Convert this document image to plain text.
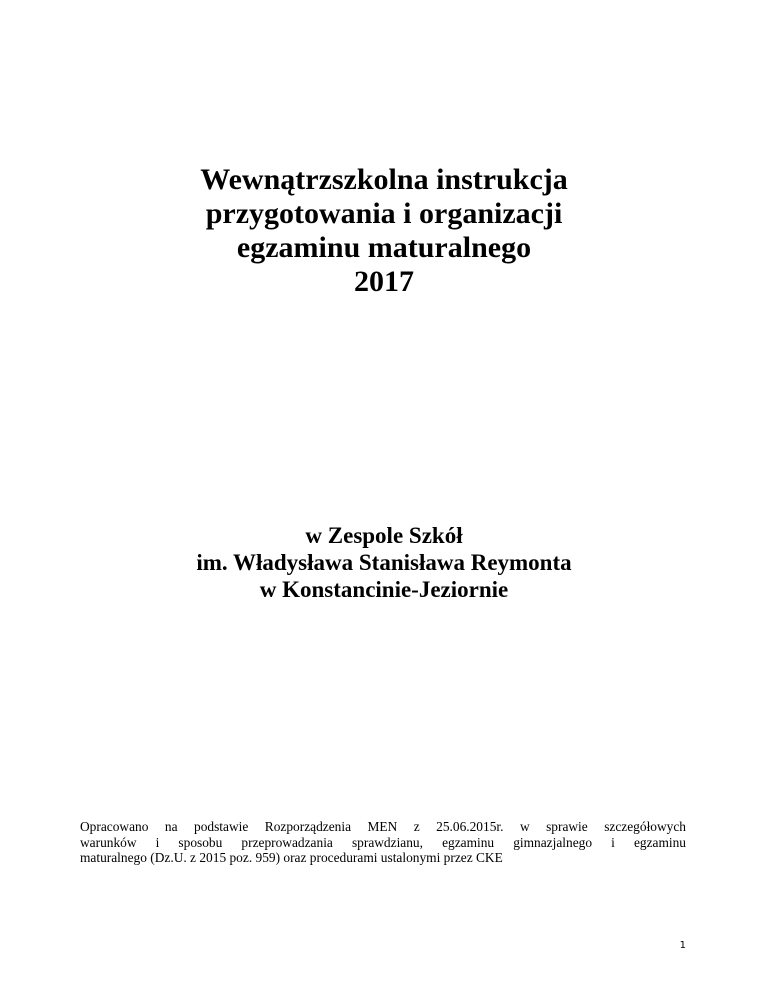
Wewnątrzszkolna instrukcja
przygotowania i organizacji
egzaminu maturalnego
2017
w Zespole Szkół
im. Władysława Stanisława Reymonta
w Konstancinie-Jeziornie
Opracowano na podstawie Rozporządzenia MEN z 25.06.2015r. w sprawie szczegółowych
warunków i sposobu przeprowadzania sprawdzianu, egzaminu gimnazjalnego i egzaminu
maturalnego (Dz.U. z 2015 poz. 959) oraz procedurami ustalonymi przez CKE
1
